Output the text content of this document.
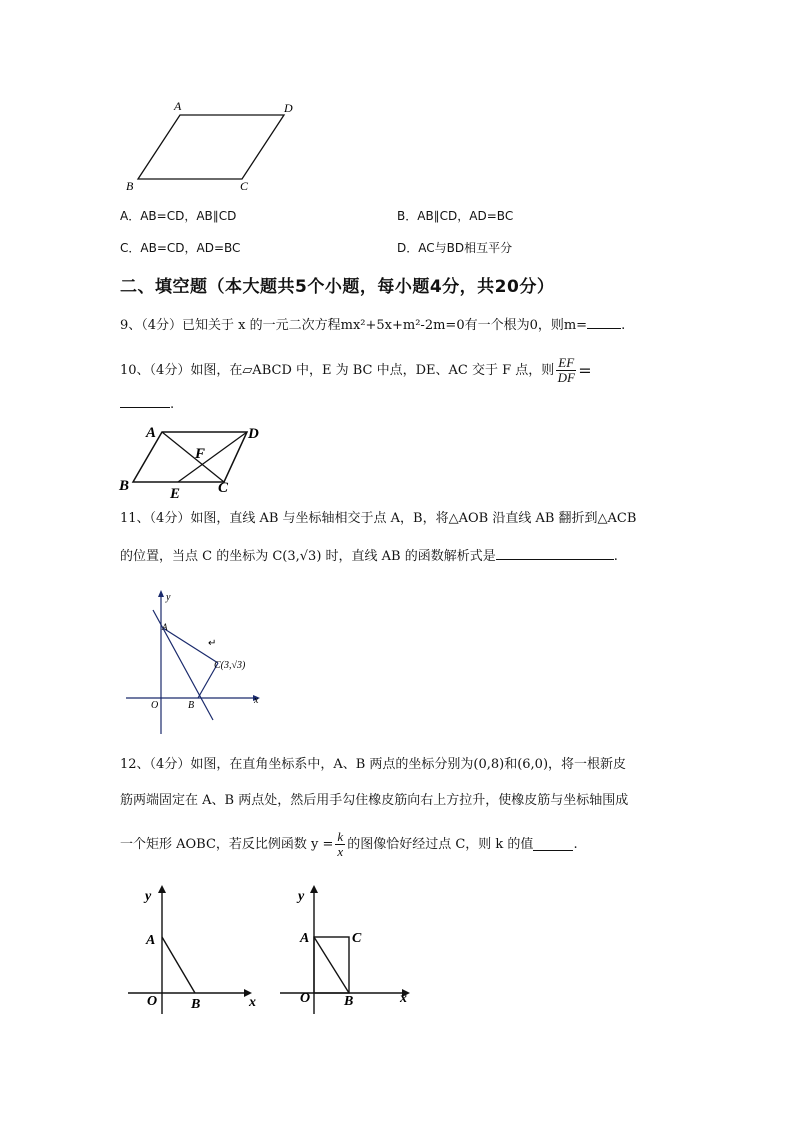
A	D
B	C
A．AB=CD，AB∥CD	B．AB∥CD，AD=BC
C．AB=CD，AD=BC	D．AC与BD相互平分
二、填空题（本大题共5个小题，每小题4分，共20分）
9、（4分）已知关于 x 的一元二次方程mx²+5x+m²-2m=0有一个根为0，则m=	.
10、（4分）如图，在▱ABCD 中，E 为 BC 中点，DE、AC 交于 F 点，则 $\frac{EF}{DF}$ =
.
A	D
F
B	E	C
11、（4分）如图，直线 AB 与坐标轴相交于点 A，B，将△AOB 沿直线 AB 翻折到△ACB
的位置，当点 C 的坐标为 C(3,√3) 时，直线 AB 的函数解析式是	.
y
x
O
A
B
C(3,√3)
↵
12、（4分）如图，在直角坐标系中，A、B 两点的坐标分别为(0,8)和(6,0)，将一根新皮
筋两端固定在 A、B 两点处，然后用手勾住橡皮筋向右上方拉升，使橡皮筋与坐标轴围成
一个矩形 AOBC，若反比例函数 $y = \frac{k}{x}$ 的图像恰好经过点 C，则 k 的值	.
y
A
O B	x
y
A	C
O B	x
